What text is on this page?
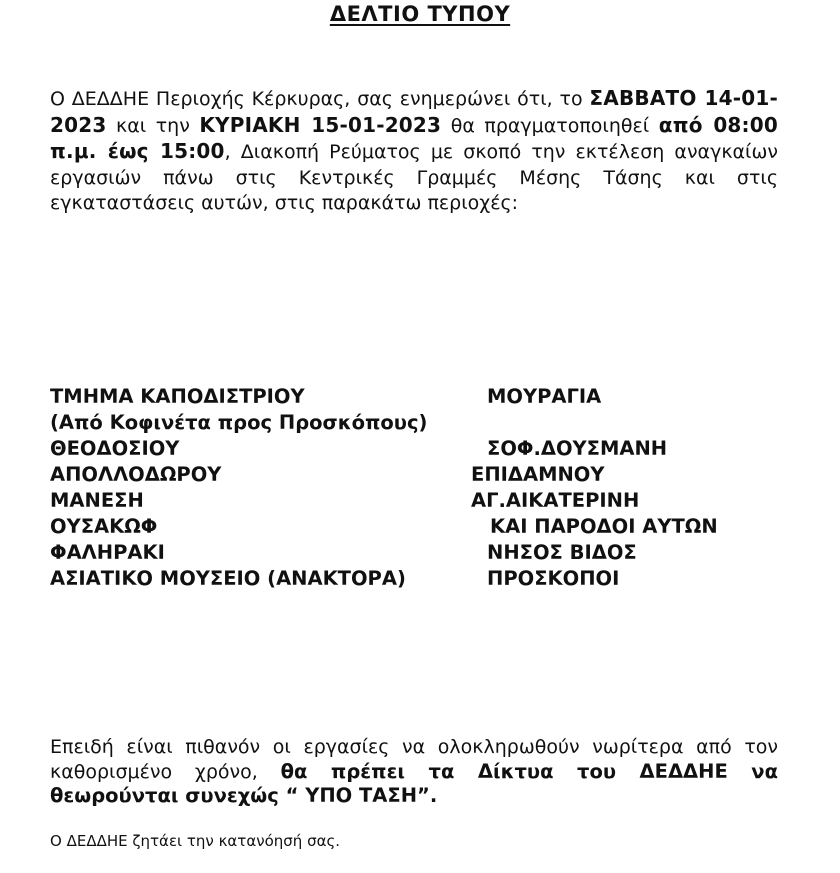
ΔΕΛΤΙΟ ΤΥΠΟΥ
Ο ΔΕΔΔΗΕ Περιοχής Κέρκυρας, σας ενημερώνει ότι, το ΣΑΒΒΑΤΟ 14-01-2023 και την ΚΥΡΙΑΚΗ 15-01-2023 θα πραγματοποιηθεί από 08:00 π.μ. έως 15:00, Διακοπή Ρεύματος με σκοπό την εκτέλεση αναγκαίων εργασιών πάνω στις Κεντρικές Γραμμές Μέσης Τάσης και στις εγκαταστάσεις αυτών, στις παρακάτω περιοχές:
ΤΜΗΜΑ ΚΑΠΟΔΙΣΤΡΙΟΥ	ΜΟΥΡΑΓΙΑ
(Από Κοφινέτα προς Προσκόπους)
ΘΕΟΔΟΣΙΟΥ	ΣΟΦ.ΔΟΥΣΜΑΝΗ
ΑΠΟΛΛΟΔΩΡΟΥ	ΕΠΙΔΑΜΝΟΥ
ΜΑΝΕΣΗ	ΑΓ.ΑΙΚΑΤΕΡΙΝΗ
ΟΥΣΑΚΩΦ	ΚΑΙ ΠΑΡΟΔΟΙ ΑΥΤΩΝ
ΦΑΛΗΡΑΚΙ	ΝΗΣΟΣ ΒΙΔΟΣ
ΑΣΙΑΤΙΚΟ ΜΟΥΣΕΙΟ (ΑΝΑΚΤΟΡΑ)	ΠΡΟΣΚΟΠΟΙ
Επειδή είναι πιθανόν οι εργασίες να ολοκληρωθούν νωρίτερα από τον καθορισμένο χρόνο, θα πρέπει τα Δίκτυα του ΔΕΔΔΗΕ να θεωρούνται συνεχώς “ ΥΠΟ ΤΑΣΗ”.
Ο ΔΕΔΔΗΕ ζητάει την κατανόησή σας.
